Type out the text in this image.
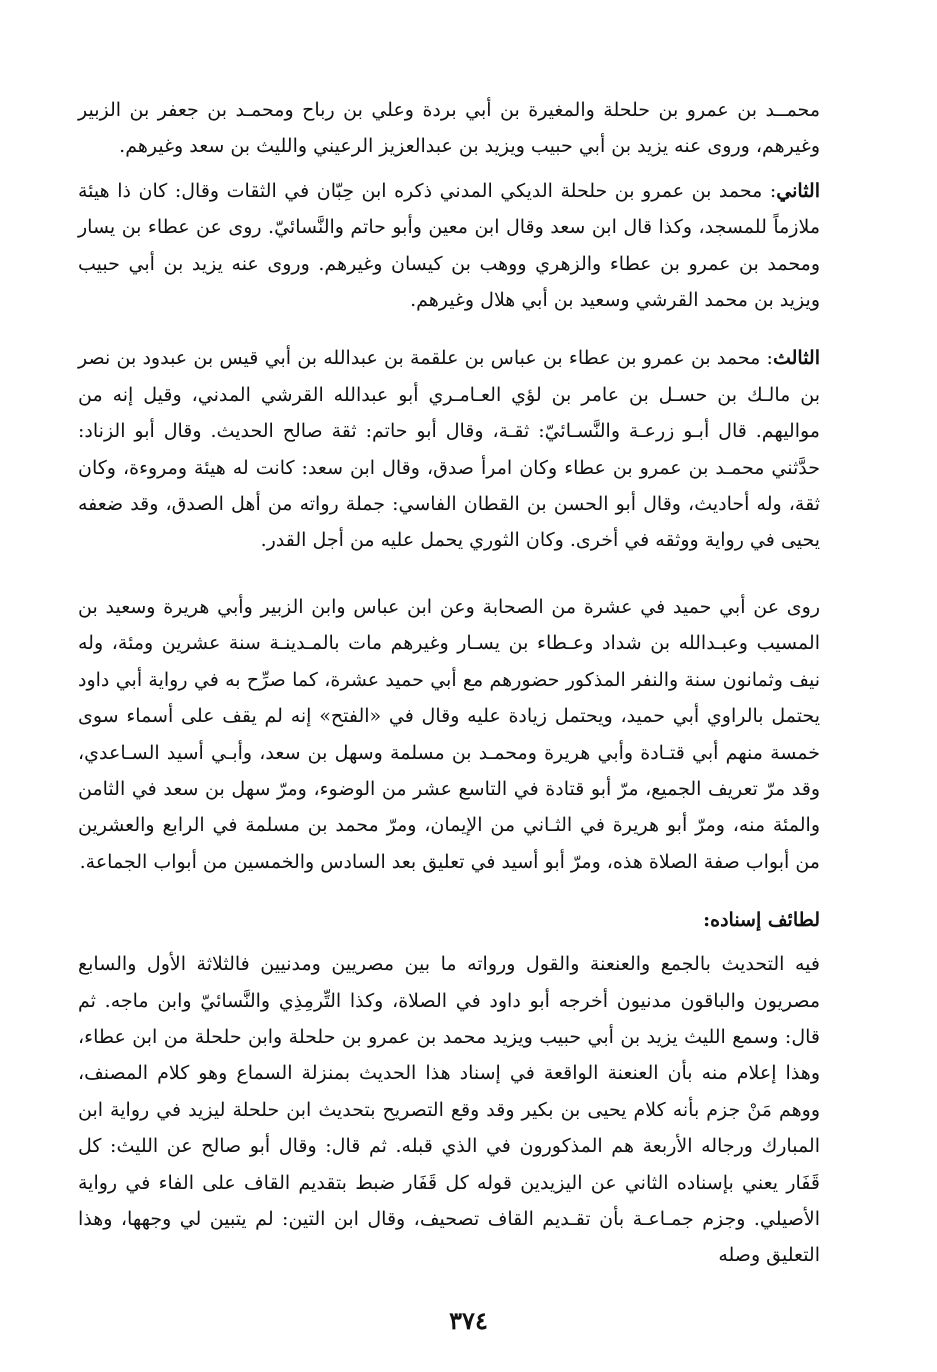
محمــد بن عمرو بن حلحلة والمغيرة بن أبي بردة وعلي بن رباح ومحمـد بن جعفر بن الزبير وغيرهم، وروى عنه يزيد بن أبي حبيب ويزيد بن عبدالعزيز الرعيني والليث بن سعد وغيرهم.

الثاني: محمد بن عمرو بن حلحلة الديكي المدني ذكره ابن حِبّان في الثقات وقال: كان ذا هيئة ملازماً للمسجد، وكذا قال ابن سعد وقال ابن معين وأبو حاتم والنَّسائيّ. روى عن عطاء بن يسار ومحمد بن عمرو بن عطاء والزهري ووهب بن كيسان وغيرهم. وروى عنه يزيد بن أبي حبيب ويزيد بن محمد القرشي وسعيد بن أبي هلال وغيرهم.

الثالث: محمد بن عمرو بن عطاء بن عباس بن علقمة بن عبدالله بن أبي قيس بن عبدود بن نصر بن مالـك بن حسـل بن عامر بن لؤي العـامـري أبو عبدالله القرشي المدني، وقيل إنه من مواليهم. قال أبـو زرعـة والنَّسـائيّ: ثقـة، وقال أبو حاتم: ثقة صالح الحديث. وقال أبو الزناد: حدَّثني محمـد بن عمرو بن عطاء وكان امرأ صدق، وقال ابن سعد: كانت له هيئة ومروءة، وكان ثقة، وله أحاديث، وقال أبو الحسن بن القطان الفاسي: جملة رواته من أهل الصدق، وقد ضعفه يحيى في رواية ووثقه في أخرى. وكان الثوري يحمل عليه من أجل القدر.

روى عن أبي حميد في عشرة من الصحابة وعن ابن عباس وابن الزبير وأبي هريرة وسعيد بن المسيب وعبـدالله بن شداد وعـطاء بن يسـار وغيرهم مات بالمـدينـة سنة عشرين ومئة، وله نيف وثمانون سنة والنفر المذكور حضورهم مع أبي حميد عشرة، كما صرِّح به في رواية أبي داود يحتمل بالراوي أبي حميد، ويحتمل زيادة عليه وقال في «الفتح» إنه لم يقف على أسماء سوى خمسة منهم أبي قتـادة وأبي هريرة ومحمـد بن مسلمة وسهل بن سعد، وأبـي أسيد السـاعدي، وقد مرّ تعريف الجميع، مرّ أبو قتادة في التاسع عشر من الوضوء، ومرّ سهل بن سعد في الثامن والمئة منه، ومرّ أبو هريرة في الثـاني من الإيمان، ومرّ محمد بن مسلمة في الرابع والعشرين من أبواب صفة الصلاة هذه، ومرّ أبو أسيد في تعليق بعد السادس والخمسين من أبواب الجماعة.

لطائف إسناده:

فيه التحديث بالجمع والعنعنة والقول ورواته ما بين مصريين ومدنيين فالثلاثة الأول والسابع مصريون والباقون مدنيون أخرجه أبو داود في الصلاة، وكذا التِّرمِذِي والنَّسائيّ وابن ماجه. ثم قال: وسمع الليث يزيد بن أبي حبيب ويزيد محمد بن عمرو بن حلحلة وابن حلحلة من ابن عطاء، وهذا إعلام منه بأن العنعنة الواقعة في إسناد هذا الحديث بمنزلة السماع وهو كلام المصنف، ووهم مَنْ جزم بأنه كلام يحيى بن بكير وقد وقع التصريح بتحديث ابن حلحلة ليزيد في رواية ابن المبارك ورجاله الأربعة هم المذكورون في الذي قبله. ثم قال: وقال أبو صالح عن الليث: كل قَفَار يعني بإسناده الثاني عن اليزيدين قوله كل قَفَار ضبط بتقديم القاف على الفاء في رواية الأصيلي. وجزم جمـاعـة بأن تقـديم القاف تصحيف، وقال ابن التين: لم يتبين لي وجهها، وهذا التعليق وصله

٣٧٤
